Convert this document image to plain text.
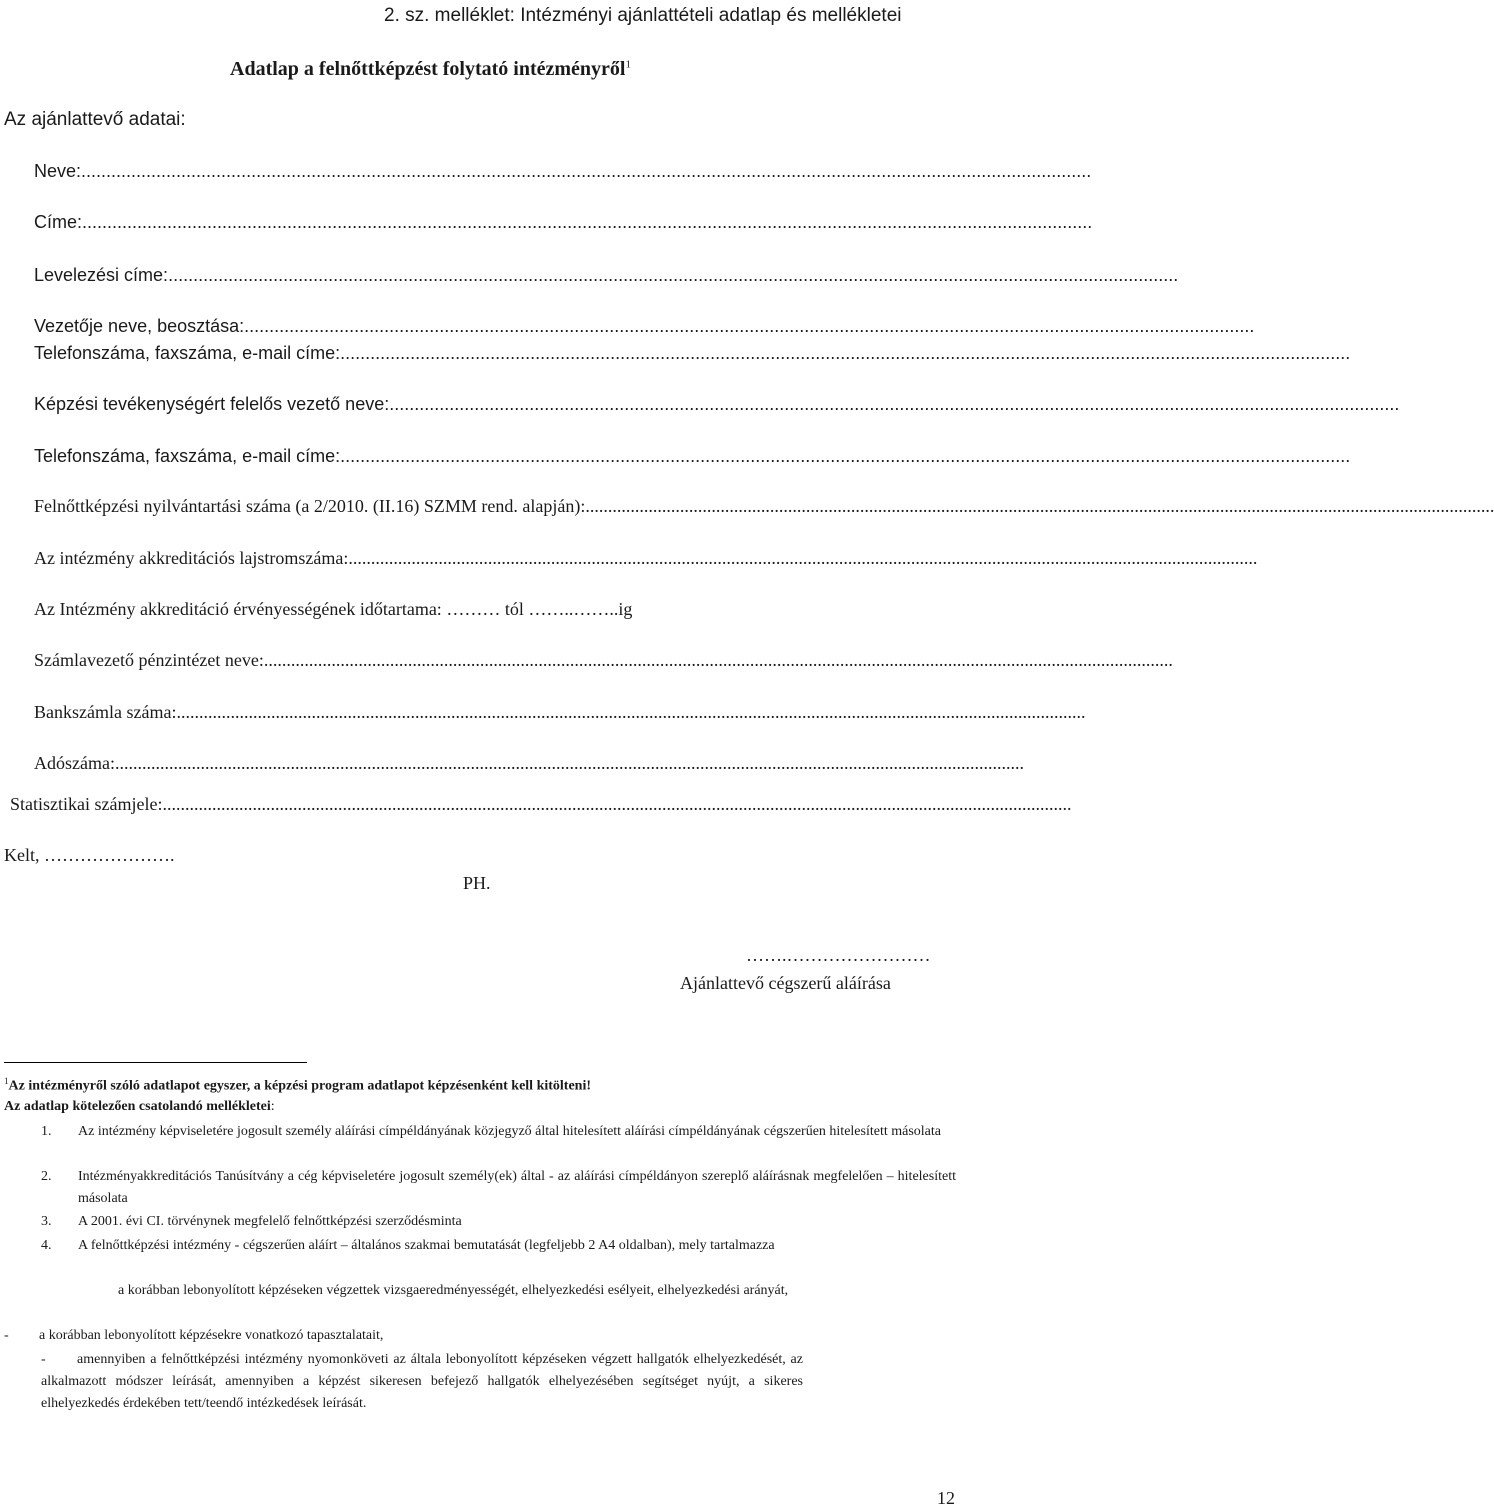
2. sz. melléklet: Intézményi ajánlattételi adatlap és mellékletei
Adatlap a felnőttképzést folytató intézményről$^1$
Az ajánlattevő adatai:
Neve: ..........................................................................................................................................................................................................
Címe: ..........................................................................................................................................................................................................
Levelezési címe: ..........................................................................................................................................................................................................
Vezetője neve, beosztása: ..........................................................................................................................................................................................................
Telefonszáma, faxszáma, e-mail címe: ..........................................................................................................................................................................................................
Képzési tevékenységért felelős vezető neve: ..........................................................................................................................................................................................................
Telefonszáma, faxszáma, e-mail címe: ..........................................................................................................................................................................................................
Felnőttképzési nyilvántartási száma (a 2/2010. (II.16) SZMM rend. alapján): ..........................................................................................................................................................................................................
Az intézmény akkreditációs lajstromszáma: ..........................................................................................................................................................................................................
Az Intézmény akkreditáció érvényességének időtartama: ……… tól ……..……..ig
Számlavezető pénzintézet neve: ..........................................................................................................................................................................................................
Bankszámla száma: ..........................................................................................................................................................................................................
Adószáma: ..........................................................................................................................................................................................................
Statisztikai számjele: ..........................................................................................................................................................................................................
Kelt, ………………….
PH.
…….……………………
Ajánlattevő cégszerű aláírása
$^1$Az intézményről szóló adatlapot egyszer, a képzési program adatlapot képzésenként kell kitölteni!
Az adatlap kötelezően csatolandó mellékletei:
1. Az intézmény képviseletére jogosult személy aláírási címpéldányának közjegyző által hitelesített aláírási címpéldányának cégszerűen hitelesített másolata
2. Intézményakkreditációs Tanúsítvány a cég képviseletére jogosult személy(ek) által - az aláírási címpéldányon szereplő aláírásnak megfelelően – hitelesített másolata
3. A 2001. évi CI. törvénynek megfelelő felnőttképzési szerződésminta
4. A felnőttképzési intézmény - cégszerűen aláírt – általános szakmai bemutatását (legfeljebb 2 A4 oldalban), mely tartalmazza
a korábban lebonyolított képzéseken végzettek vizsgaeredményességét, elhelyezkedési esélyeit, elhelyezkedési arányát,
- a korábban lebonyolított képzésekre vonatkozó tapasztalatait,
-	amennyiben a felnőttképzési intézmény nyomonköveti az általa lebonyolított képzéseken végzett hallgatók elhelyezkedését, az alkalmazott módszer leírását, amennyiben a képzést sikeresen befejező hallgatók elhelyezésében segítséget nyújt, a sikeres elhelyezkedés érdekében tett/teendő intézkedések leírását.
12
